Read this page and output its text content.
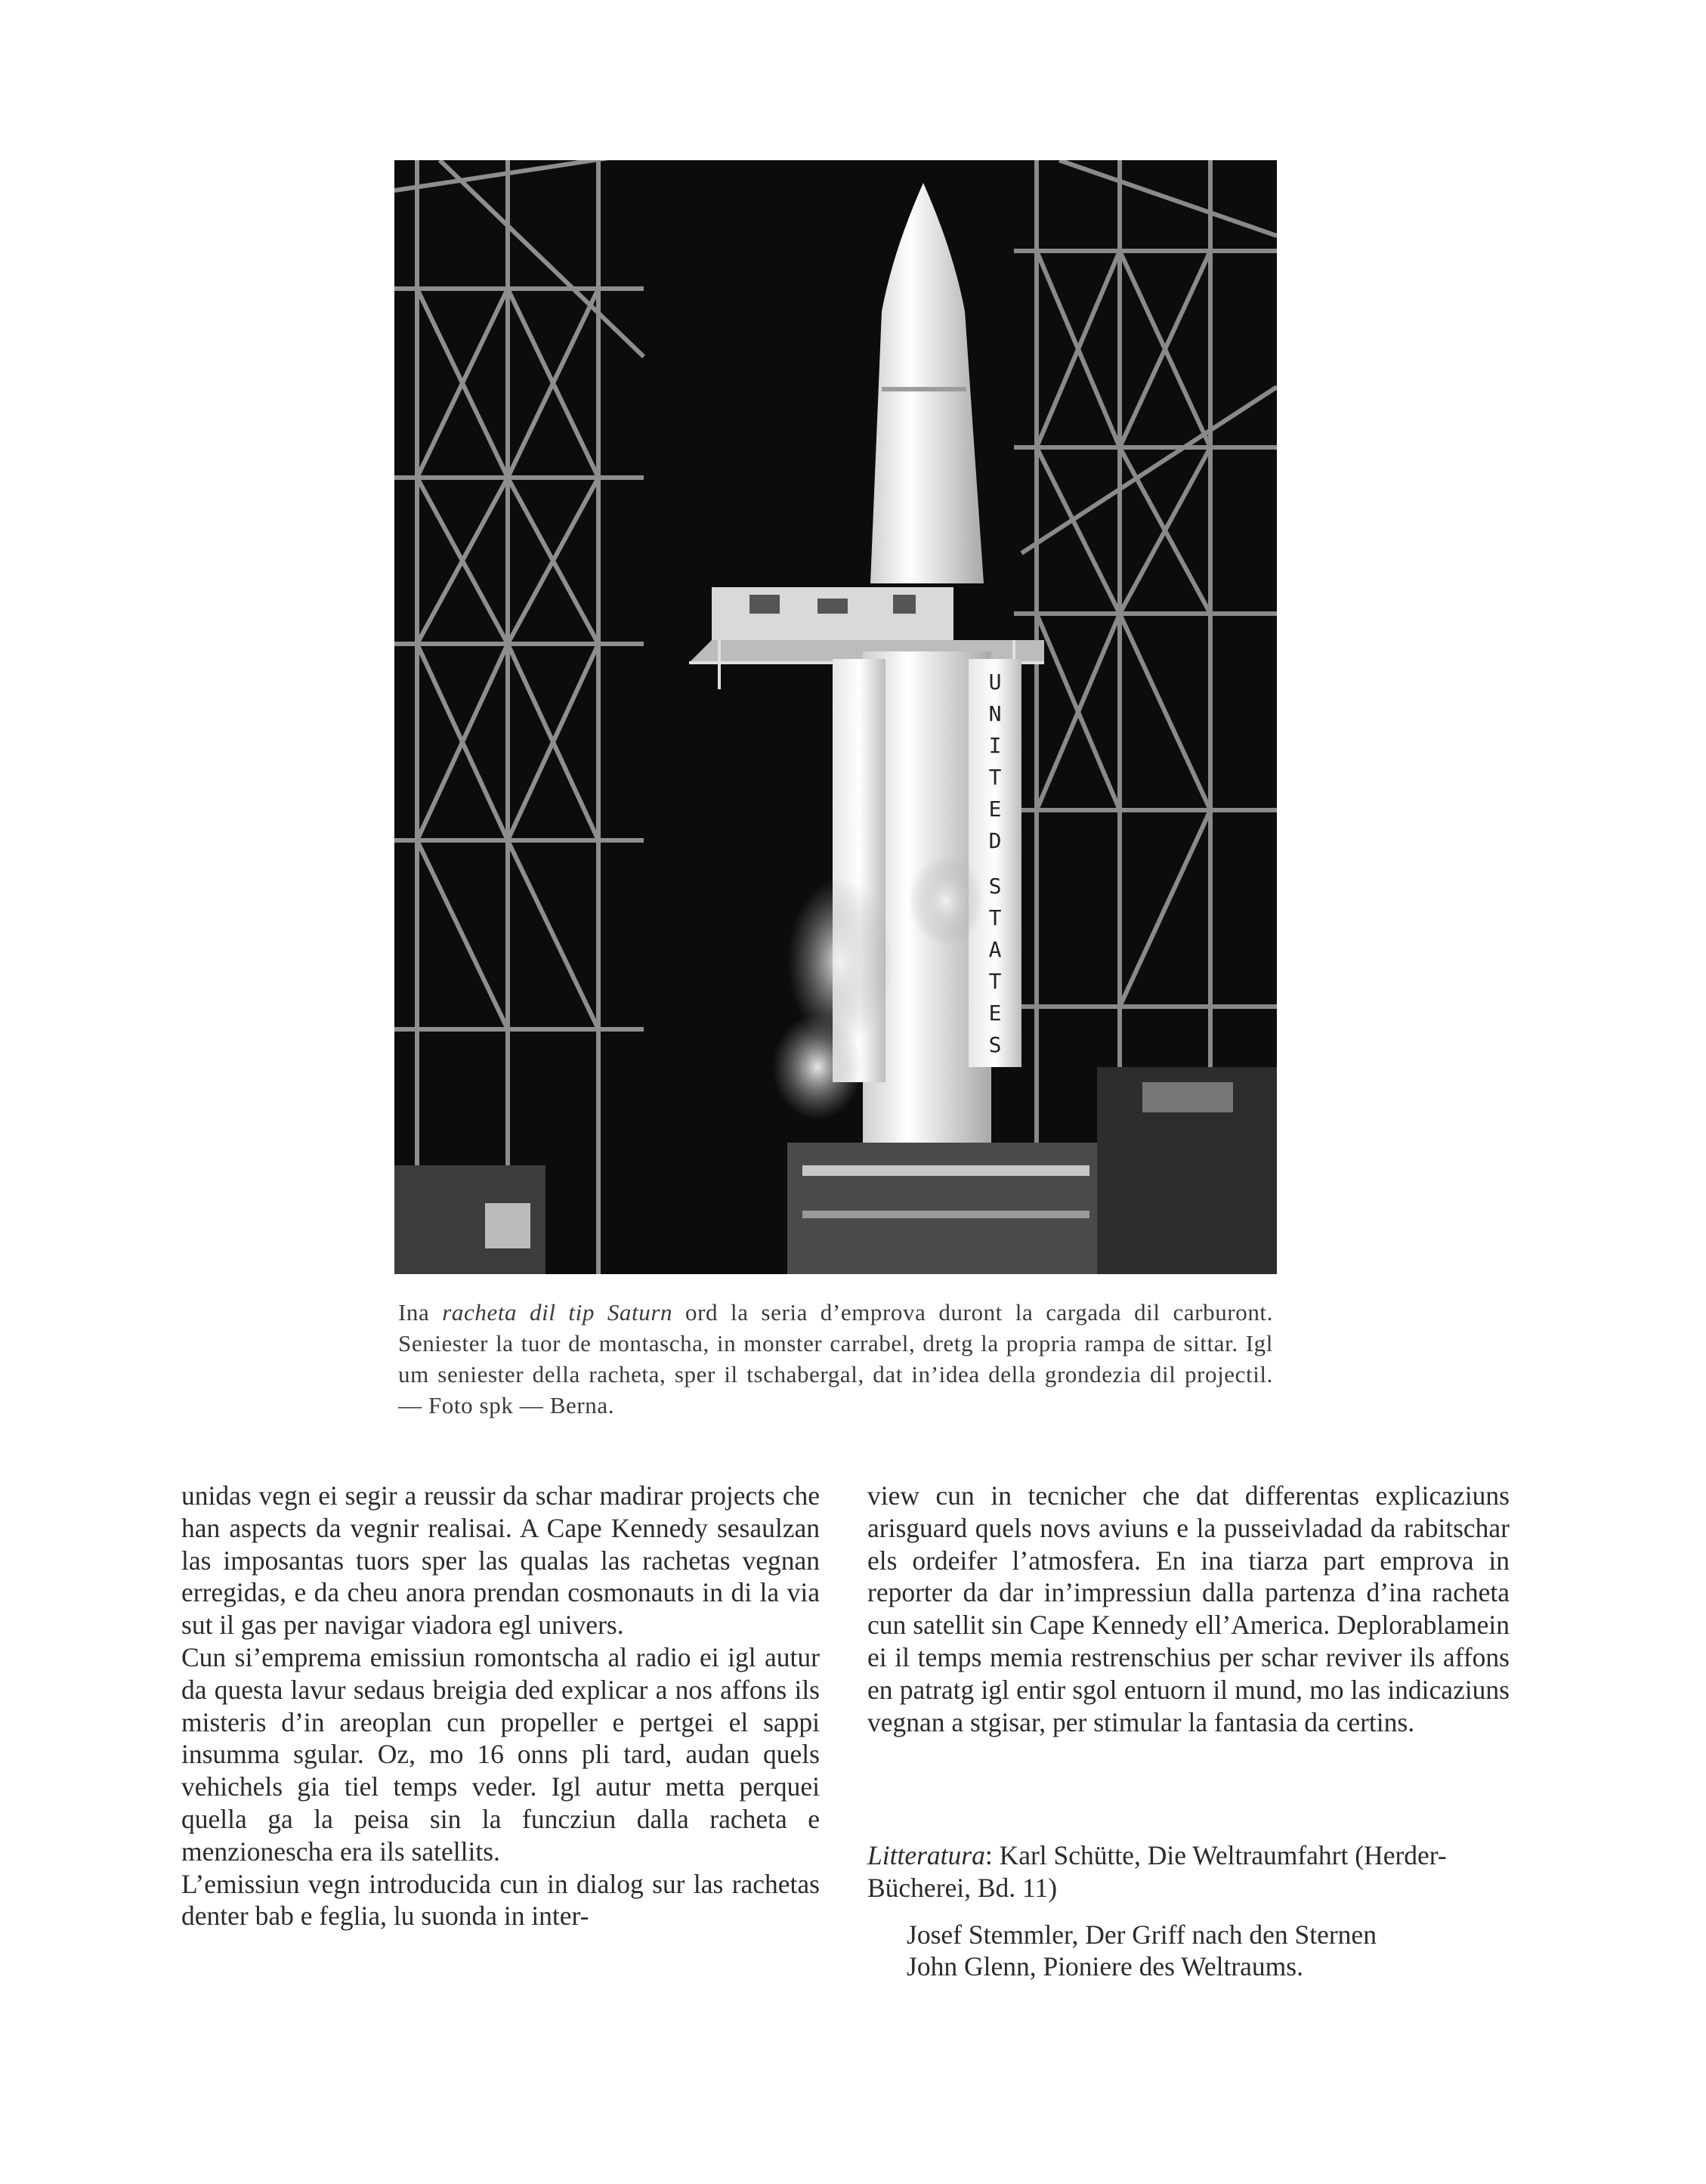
U
N
I
T
E
D
S
T
A
T
E
S
Ina racheta dil tip Saturn ord la seria d’emprova duront la cargada dil carburont. Seniester la tuor de montascha, in monster carrabel, dretg la propria rampa de sittar. Igl um seniester della racheta, sper il tschabergal, dat in’idea della grondezia dil projectil. — Foto spk — Berna.

unidas vegn ei segir a reussir da schar madirar projects che han aspects da vegnir realisai. A Cape Kennedy sesaulzan las imposantas tuors sper las qualas las rachetas vegnan erregidas, e da cheu anora prendan cosmonauts in di la via sut il gas per navigar viadora egl univers.

Cun si’emprema emissiun romontscha al radio ei igl autur da questa lavur sedaus breigia ded explicar a nos affons ils misteris d’in areoplan cun propeller e pertgei el sappi insumma sgular. Oz, mo 16 onns pli tard, audan quels vehichels gia tiel temps veder. Igl autur metta perquei quella ga la peisa sin la funcziun dalla racheta e menzionescha era ils satellits.

L’emissiun vegn introducida cun in dialog sur las rachetas denter bab e feglia, lu suonda in inter-

view cun in tecnicher che dat differentas explicaziuns arisguard quels novs aviuns e la pusseivladad da rabitschar els ordeifer l’atmosfera. En ina tiarza part emprova in reporter da dar in’impressiun dalla partenza d’ina racheta cun satellit sin Cape Kennedy ell’America. Deplorablamein ei il temps memia restrenschius per schar reviver ils affons en patratg igl entir sgol entuorn il mund, mo las indicaziuns vegnan a stgisar, per stimular la fantasia da certins.

Litteratura: Karl Schütte, Die Weltraumfahrt (Herder-Bücherei, Bd. 11)

Josef Stemmler, Der Griff nach den Sternen

John Glenn, Pioniere des Weltraums.
